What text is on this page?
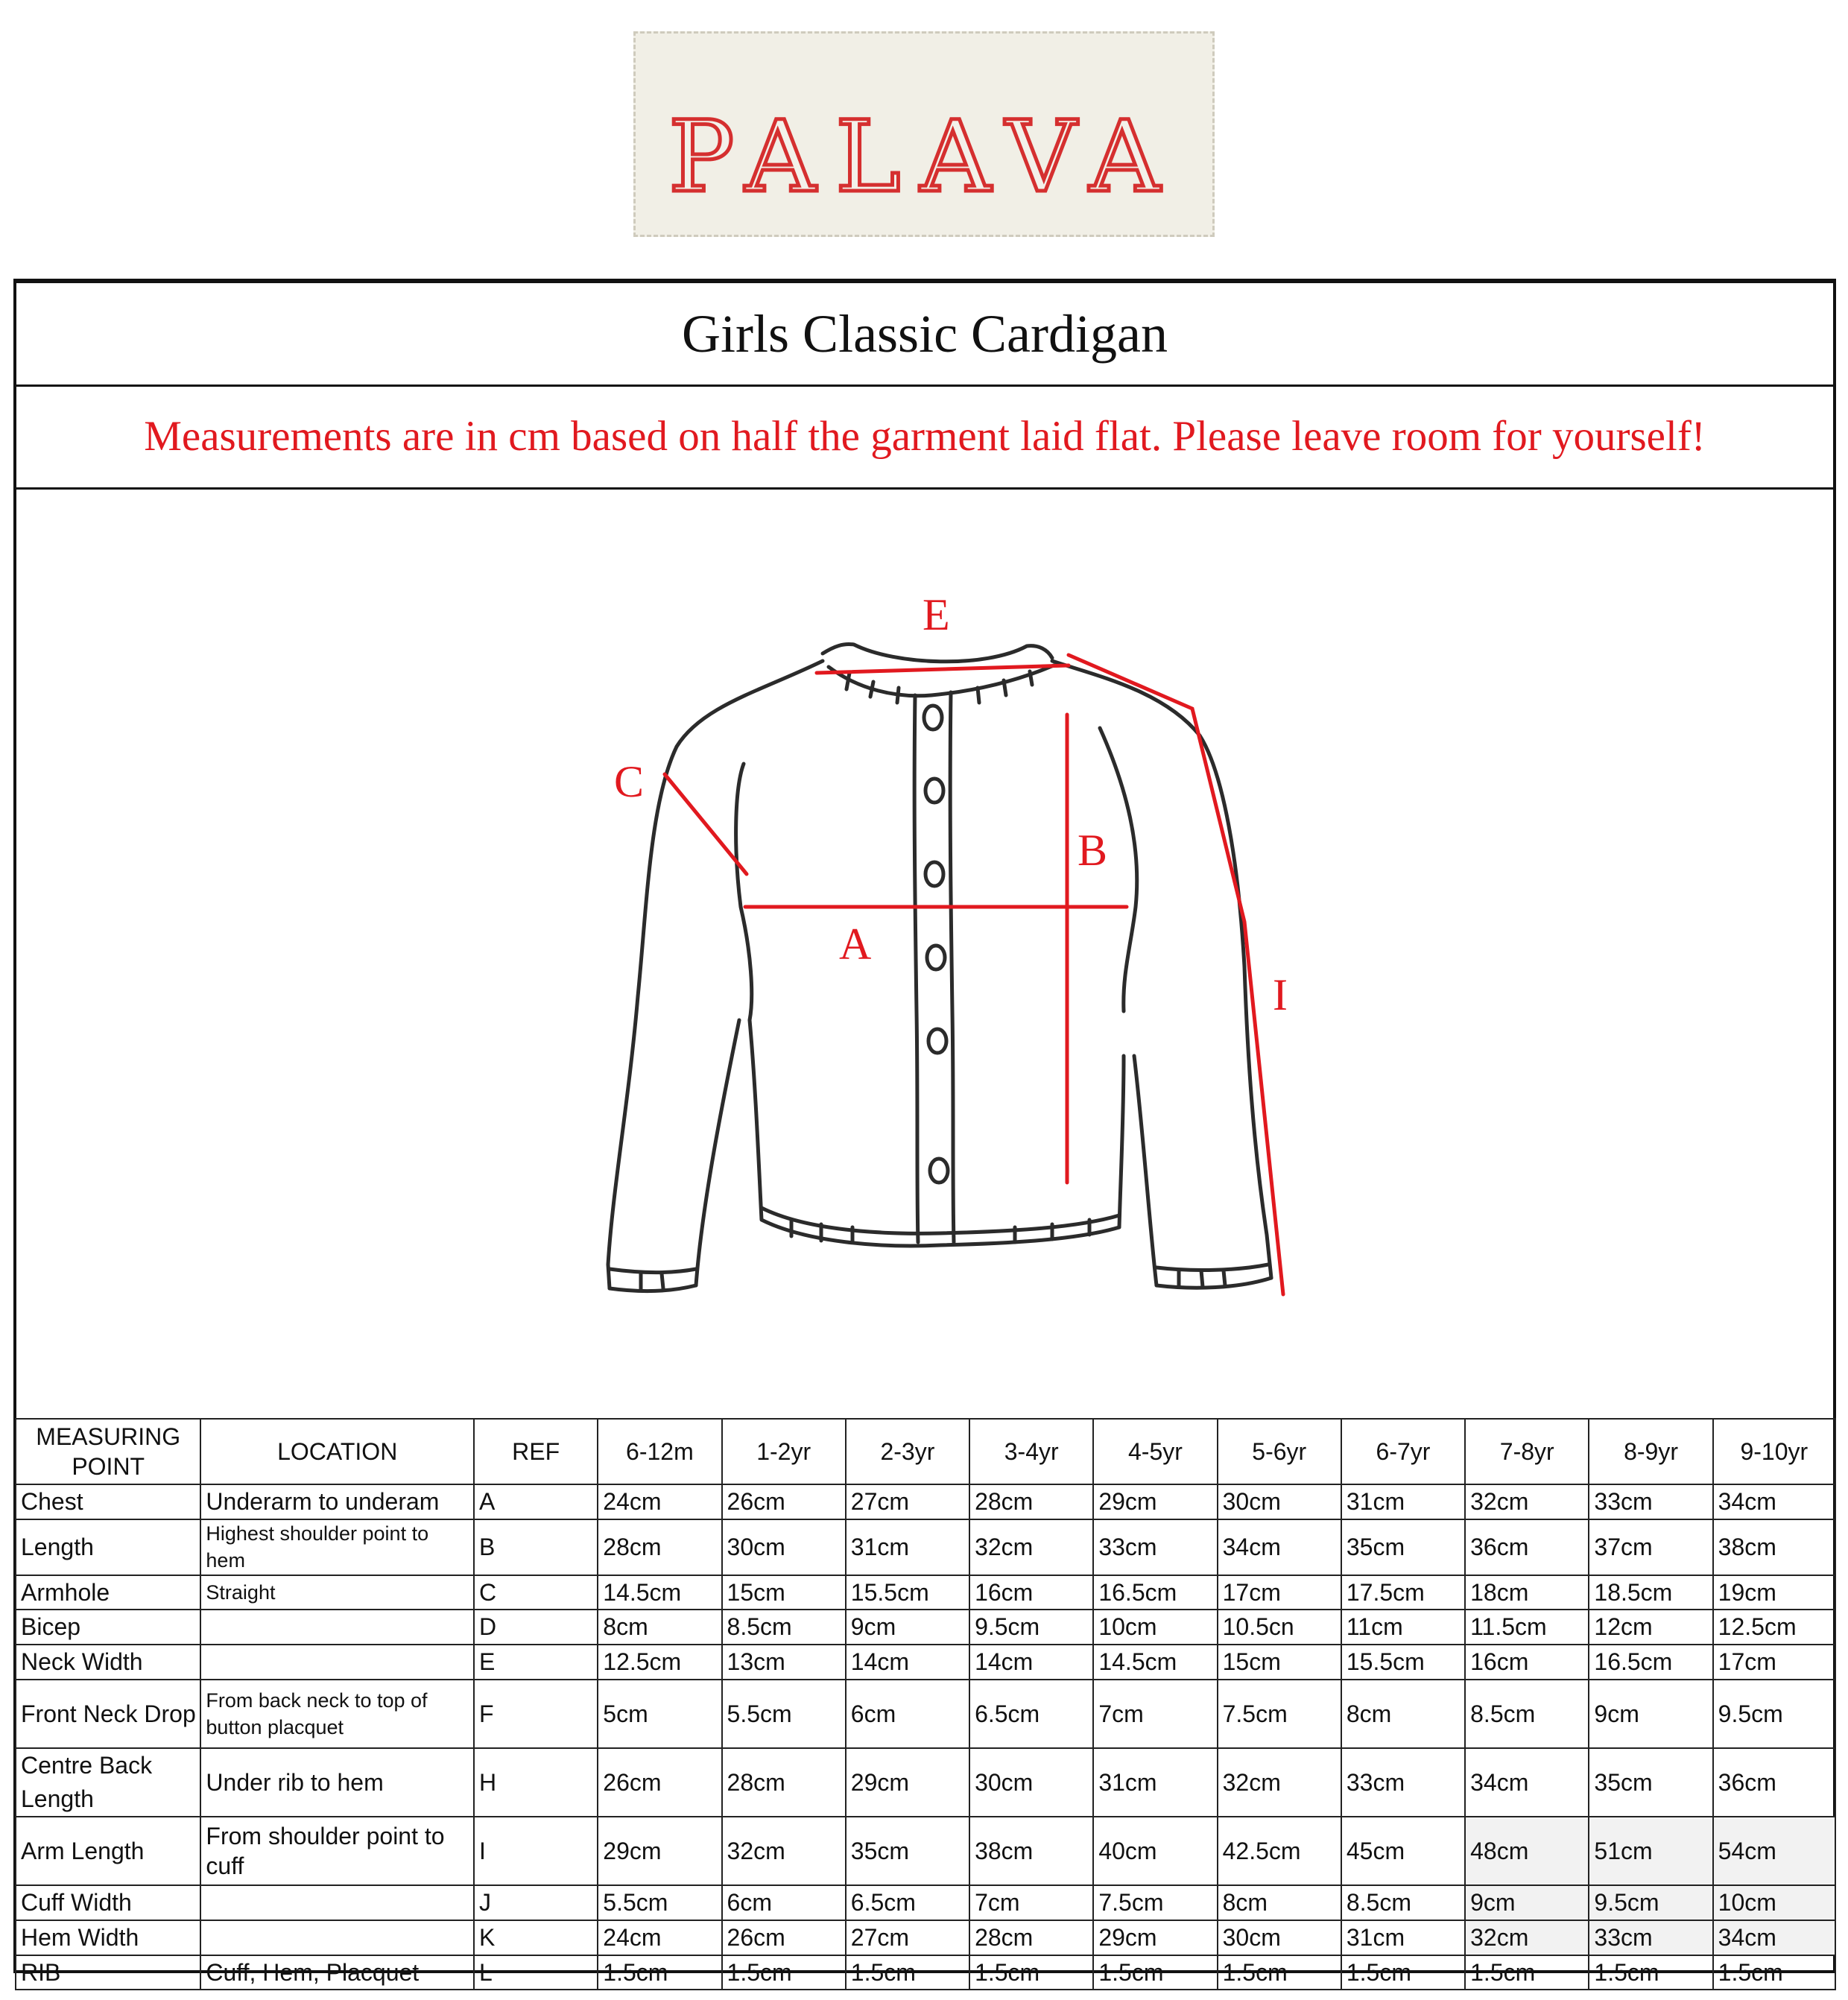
PALAVA
Girls Classic Cardigan
Measurements are in cm based on half the garment laid flat. Please leave room for yourself!
E
C
B
A
I
MEASURING POINT	LOCATION	REF	6-12m	1-2yr	2-3yr	3-4yr	4-5yr	5-6yr	6-7yr	7-8yr	8-9yr	9-10yr
Chest	Underarm to underam	A	24cm	26cm	27cm	28cm	29cm	30cm	31cm	32cm	33cm	34cm
Length	Highest shoulder point to hem	B	28cm	30cm	31cm	32cm	33cm	34cm	35cm	36cm	37cm	38cm
Armhole	Straight	C	14.5cm	15cm	15.5cm	16cm	16.5cm	17cm	17.5cm	18cm	18.5cm	19cm
Bicep		D	8cm	8.5cm	9cm	9.5cm	10cm	10.5cn	11cm	11.5cm	12cm	12.5cm
Neck Width		E	12.5cm	13cm	14cm	14cm	14.5cm	15cm	15.5cm	16cm	16.5cm	17cm
Front Neck Drop	From back neck to top of button placquet	F	5cm	5.5cm	6cm	6.5cm	7cm	7.5cm	8cm	8.5cm	9cm	9.5cm
Centre Back Length	Under rib to hem	H	26cm	28cm	29cm	30cm	31cm	32cm	33cm	34cm	35cm	36cm
Arm Length	From shoulder point to cuff	I	29cm	32cm	35cm	38cm	40cm	42.5cm	45cm	48cm	51cm	54cm
Cuff Width		J	5.5cm	6cm	6.5cm	7cm	7.5cm	8cm	8.5cm	9cm	9.5cm	10cm
Hem Width		K	24cm	26cm	27cm	28cm	29cm	30cm	31cm	32cm	33cm	34cm
RIB	Cuff, Hem, Placquet	L	1.5cm	1.5cm	1.5cm	1.5cm	1.5cm	1.5cm	1.5cm	1.5cm	1.5cm	1.5cm
